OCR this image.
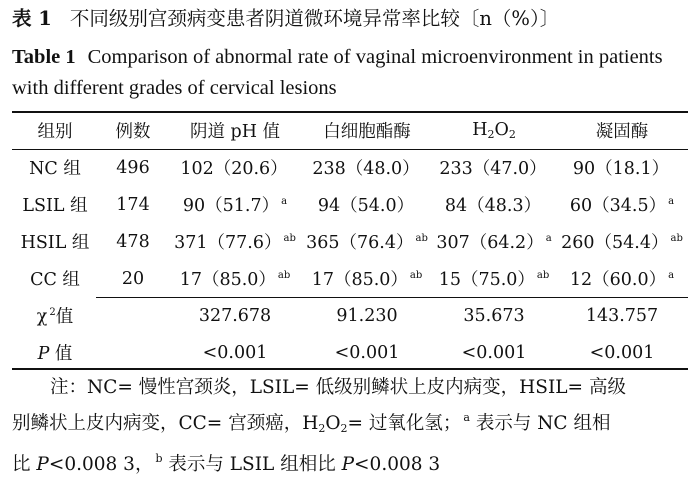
表 1 不同级别宫颈病变患者阴道微环境异常率比较〔n（%）〕
Table 1 Comparison of abnormal rate of vaginal microenvironment in patients with different grades of cervical lesions
组别	例数	阴道 pH 值	白细胞酯酶	$H_2O_2$	凝固酶
NC 组	496	102（20.6）	238（48.0）	233（47.0）	90（18.1）
LSIL 组	174	90（51.7） $^a$	94（54.0）	84（48.3）	60（34.5） $^a$
HSIL 组	478	371（77.6） $^{ab}$	365（76.4） $^{ab}$	307（64.2） $^a$	260（54.4） $^{ab}$
CC 组	20	17（85.0） $^{ab}$	17（85.0） $^{ab}$	15（75.0） $^{ab}$	12（60.0） $^a$
χ $^2$值		327.678	91.230	35.673	143.757
P 值		<0.001	<0.001	<0.001	<0.001

注：NC= 慢性宫颈炎，LSIL= 低级别鳞状上皮内病变，HSIL= 高级

别鳞状上皮内病变，CC= 宫颈癌，$H_2O_2=$ 过氧化氢； $^a$ 表示与 NC 组相

比 P<0.008 3， $^b$ 表示与 LSIL 组相比 P<0.008 3
